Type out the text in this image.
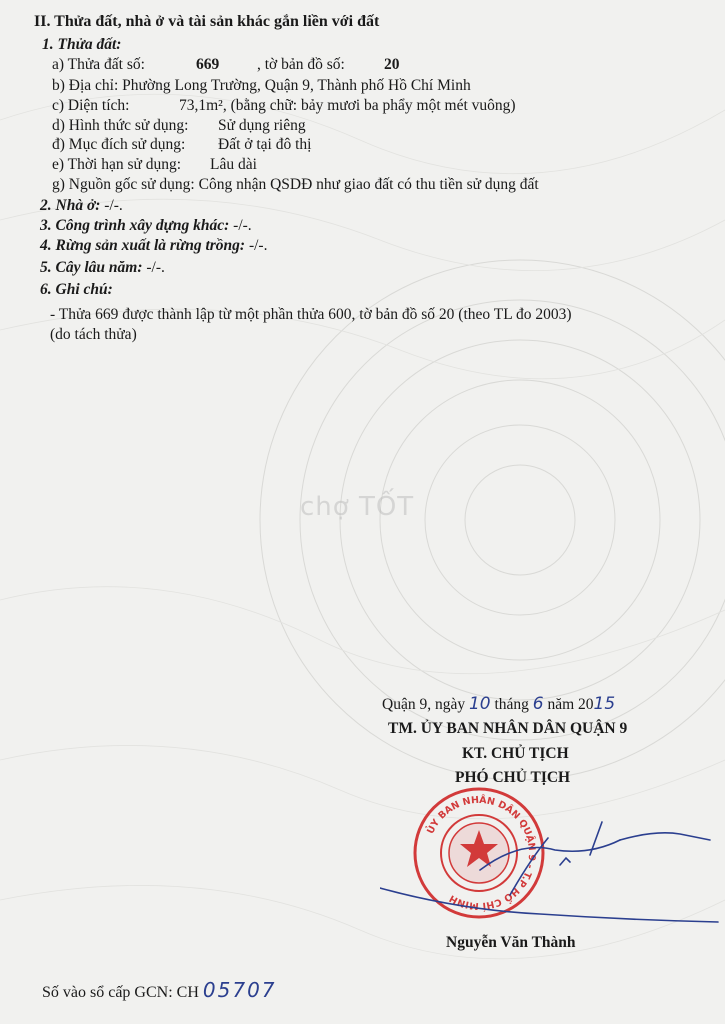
chợ TỐT
II. Thửa đất, nhà ở và tài sản khác gắn liền với đất
1. Thửa đất:
a) Thửa đất số:	669 , tờ bản đồ số:	20
b) Địa chỉ: Phường Long Trường, Quận 9, Thành phố Hồ Chí Minh
c) Diện tích:	73,1m², (bằng chữ: bảy mươi ba phẩy một mét vuông)
d) Hình thức sử dụng: Sử dụng riêng
đ) Mục đích sử dụng: Đất ở tại đô thị
e) Thời hạn sử dụng: Lâu dài
g) Nguồn gốc sử dụng: Công nhận QSDĐ như giao đất có thu tiền sử dụng đất
2. Nhà ở: -/-.
3. Công trình xây dựng khác: -/-.
4. Rừng sản xuất là rừng trồng: -/-.
5. Cây lâu năm: -/-.
6. Ghi chú:
- Thửa 669 được thành lập từ một phần thửa 600, tờ bản đồ số 20 (theo TL đo 2003)
(do tách thửa)
Quận 9, ngày 10 tháng 6 năm 2015
TM. ỦY BAN NHÂN DÂN QUẬN 9
KT. CHỦ TỊCH
PHÓ CHỦ TỊCH
ỦY BAN NHÂN DÂN QUẬN 9 - T.P HỒ CHÍ MINH
Nguyễn Văn Thành
Số vào sổ cấp GCN: CH 05707
